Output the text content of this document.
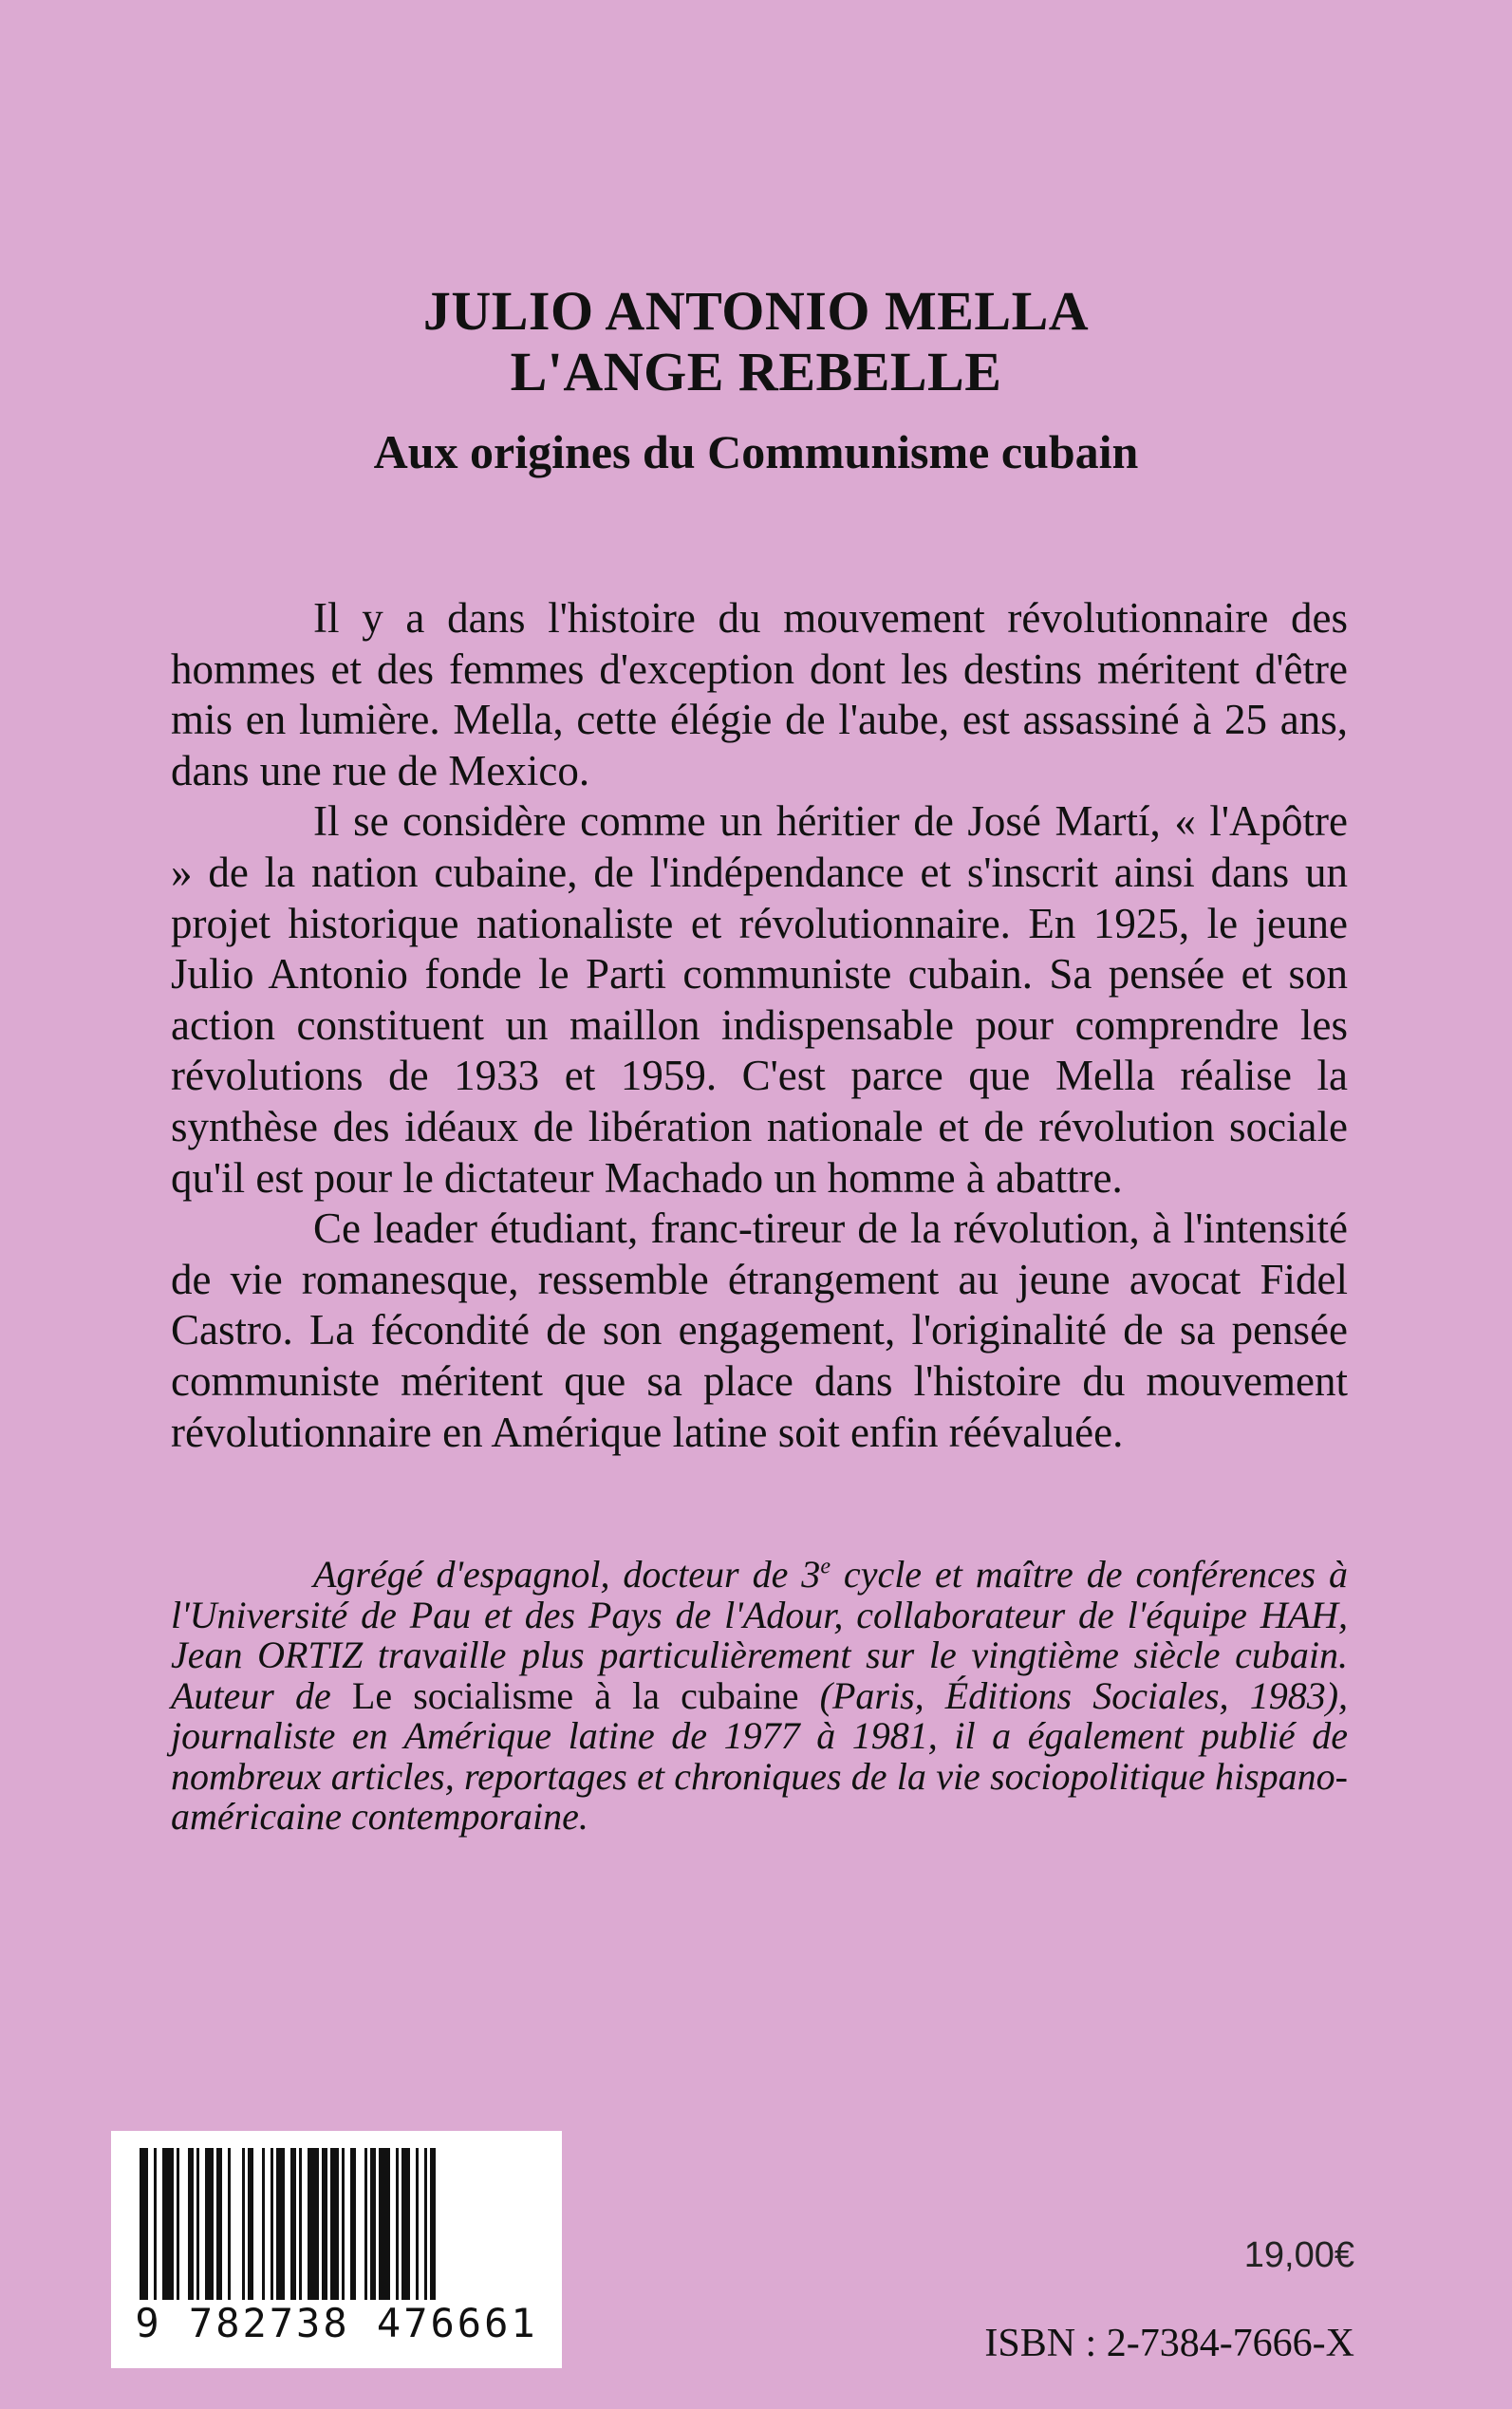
JULIO ANTONIO MELLA
L'ANGE REBELLE
Aux origines du Communisme cubain

Il y a dans l'histoire du mouvement révolutionnaire des hommes et des femmes d'exception dont les destins méritent d'être mis en lumière. Mella, cette élégie de l'aube, est assassiné à 25 ans, dans une rue de Mexico.

Il se considère comme un héritier de José Martí, « l'Apôtre » de la nation cubaine, de l'indépendance et s'inscrit ainsi dans un projet historique nationaliste et révolutionnaire. En 1925, le jeune Julio Antonio fonde le Parti communiste cubain. Sa pensée et son action constituent un maillon indispensable pour comprendre les révolutions de 1933 et 1959. C'est parce que Mella réalise la synthèse des idéaux de libération nationale et de révolution sociale qu'il est pour le dictateur Machado un homme à abattre.

Ce leader étudiant, franc-tireur de la révolution, à l'intensité de vie romanesque, ressemble étrangement au jeune avocat Fidel Castro. La fécondité de son engagement, l'originalité de sa pensée communiste méritent que sa place dans l'histoire du mouvement révolutionnaire en Amérique latine soit enfin réévaluée.

Agrégé d'espagnol, docteur de 3e cycle et maître de conférences à l'Université de Pau et des Pays de l'Adour, collaborateur de l'équipe HAH, Jean ORTIZ travaille plus particulièrement sur le vingtième siècle cubain. Auteur de Le socialisme à la cubaine (Paris, Éditions Sociales, 1983), journaliste en Amérique latine de 1977 à 1981, il a également publié de nombreux articles, reportages et chroniques de la vie sociopolitique hispano-américaine contemporaine.
9 782738 476661
19,00€
ISBN : 2-7384-7666-X
